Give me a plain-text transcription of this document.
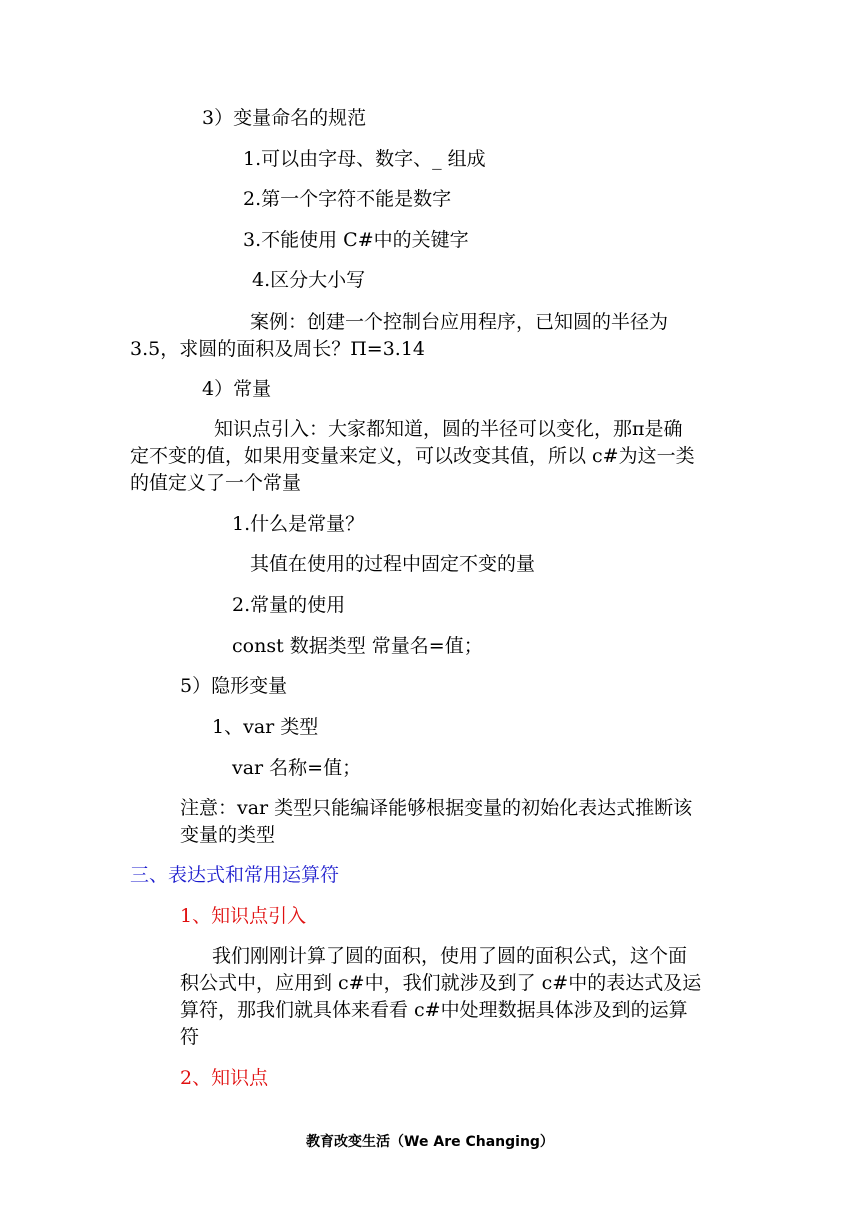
3）变量命名的规范
1.可以由字母、数字、_ 组成
2.第一个字符不能是数字
3.不能使用 C#中的关键字
4.区分大小写
案例：创建一个控制台应用程序，已知圆的半径为
3.5，求圆的面积及周长？Π=3.14
4）常量
知识点引入：大家都知道，圆的半径可以变化，那π是确
定不变的值，如果用变量来定义，可以改变其值，所以 c#为这一类
的值定义了一个常量
1.什么是常量？
其值在使用的过程中固定不变的量
2.常量的使用
const 数据类型 常量名=值；
5）隐形变量
1、var 类型
var 名称=值；
注意：var 类型只能编译能够根据变量的初始化表达式推断该
变量的类型
三、表达式和常用运算符
1、知识点引入
我们刚刚计算了圆的面积，使用了圆的面积公式，这个面
积公式中，应用到 c#中，我们就涉及到了 c#中的表达式及运
算符，那我们就具体来看看 c#中处理数据具体涉及到的运算
符
2、知识点
教育改变生活（We Are Changing）
